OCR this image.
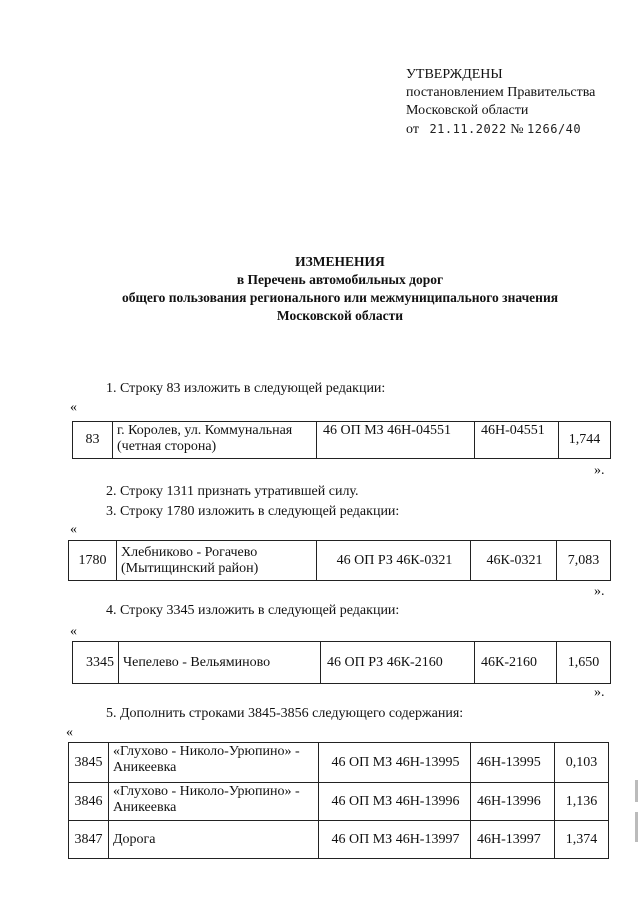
УТВЕРЖДЕНЫ
постановлением Правительства
Московской области
от 21.11.2022 № 1266/40
ИЗМЕНЕНИЯ
в Перечень автомобильных дорог
общего пользования регионального или межмуниципального значения
Московской области
1. Строку 83 изложить в следующей редакции:
«
83	г. Королев, ул. Коммунальная (четная сторона)	46 ОП МЗ 46Н-04551	46Н-04551	1,744
».
2. Строку 1311 признать утратившей силу.
3. Строку 1780 изложить в следующей редакции:
«
1780	Хлебниково - Рогачево (Мытищинский район)	46 ОП РЗ 46К-0321	46К-0321	7,083
».
4. Строку 3345 изложить в следующей редакции:
«
3345	Чепелево - Вельяминово	46 ОП РЗ 46К-2160	46К-2160	1,650
».
5. Дополнить строками 3845-3856 следующего содержания:
«
3845	«Глухово - Николо-Урюпино» - Аникеевка	46 ОП МЗ 46Н-13995	46Н-13995	0,103
3846	«Глухово - Николо-Урюпино» - Аникеевка	46 ОП МЗ 46Н-13996	46Н-13996	1,136
3847	Дорога	46 ОП МЗ 46Н-13997	46Н-13997	1,374
